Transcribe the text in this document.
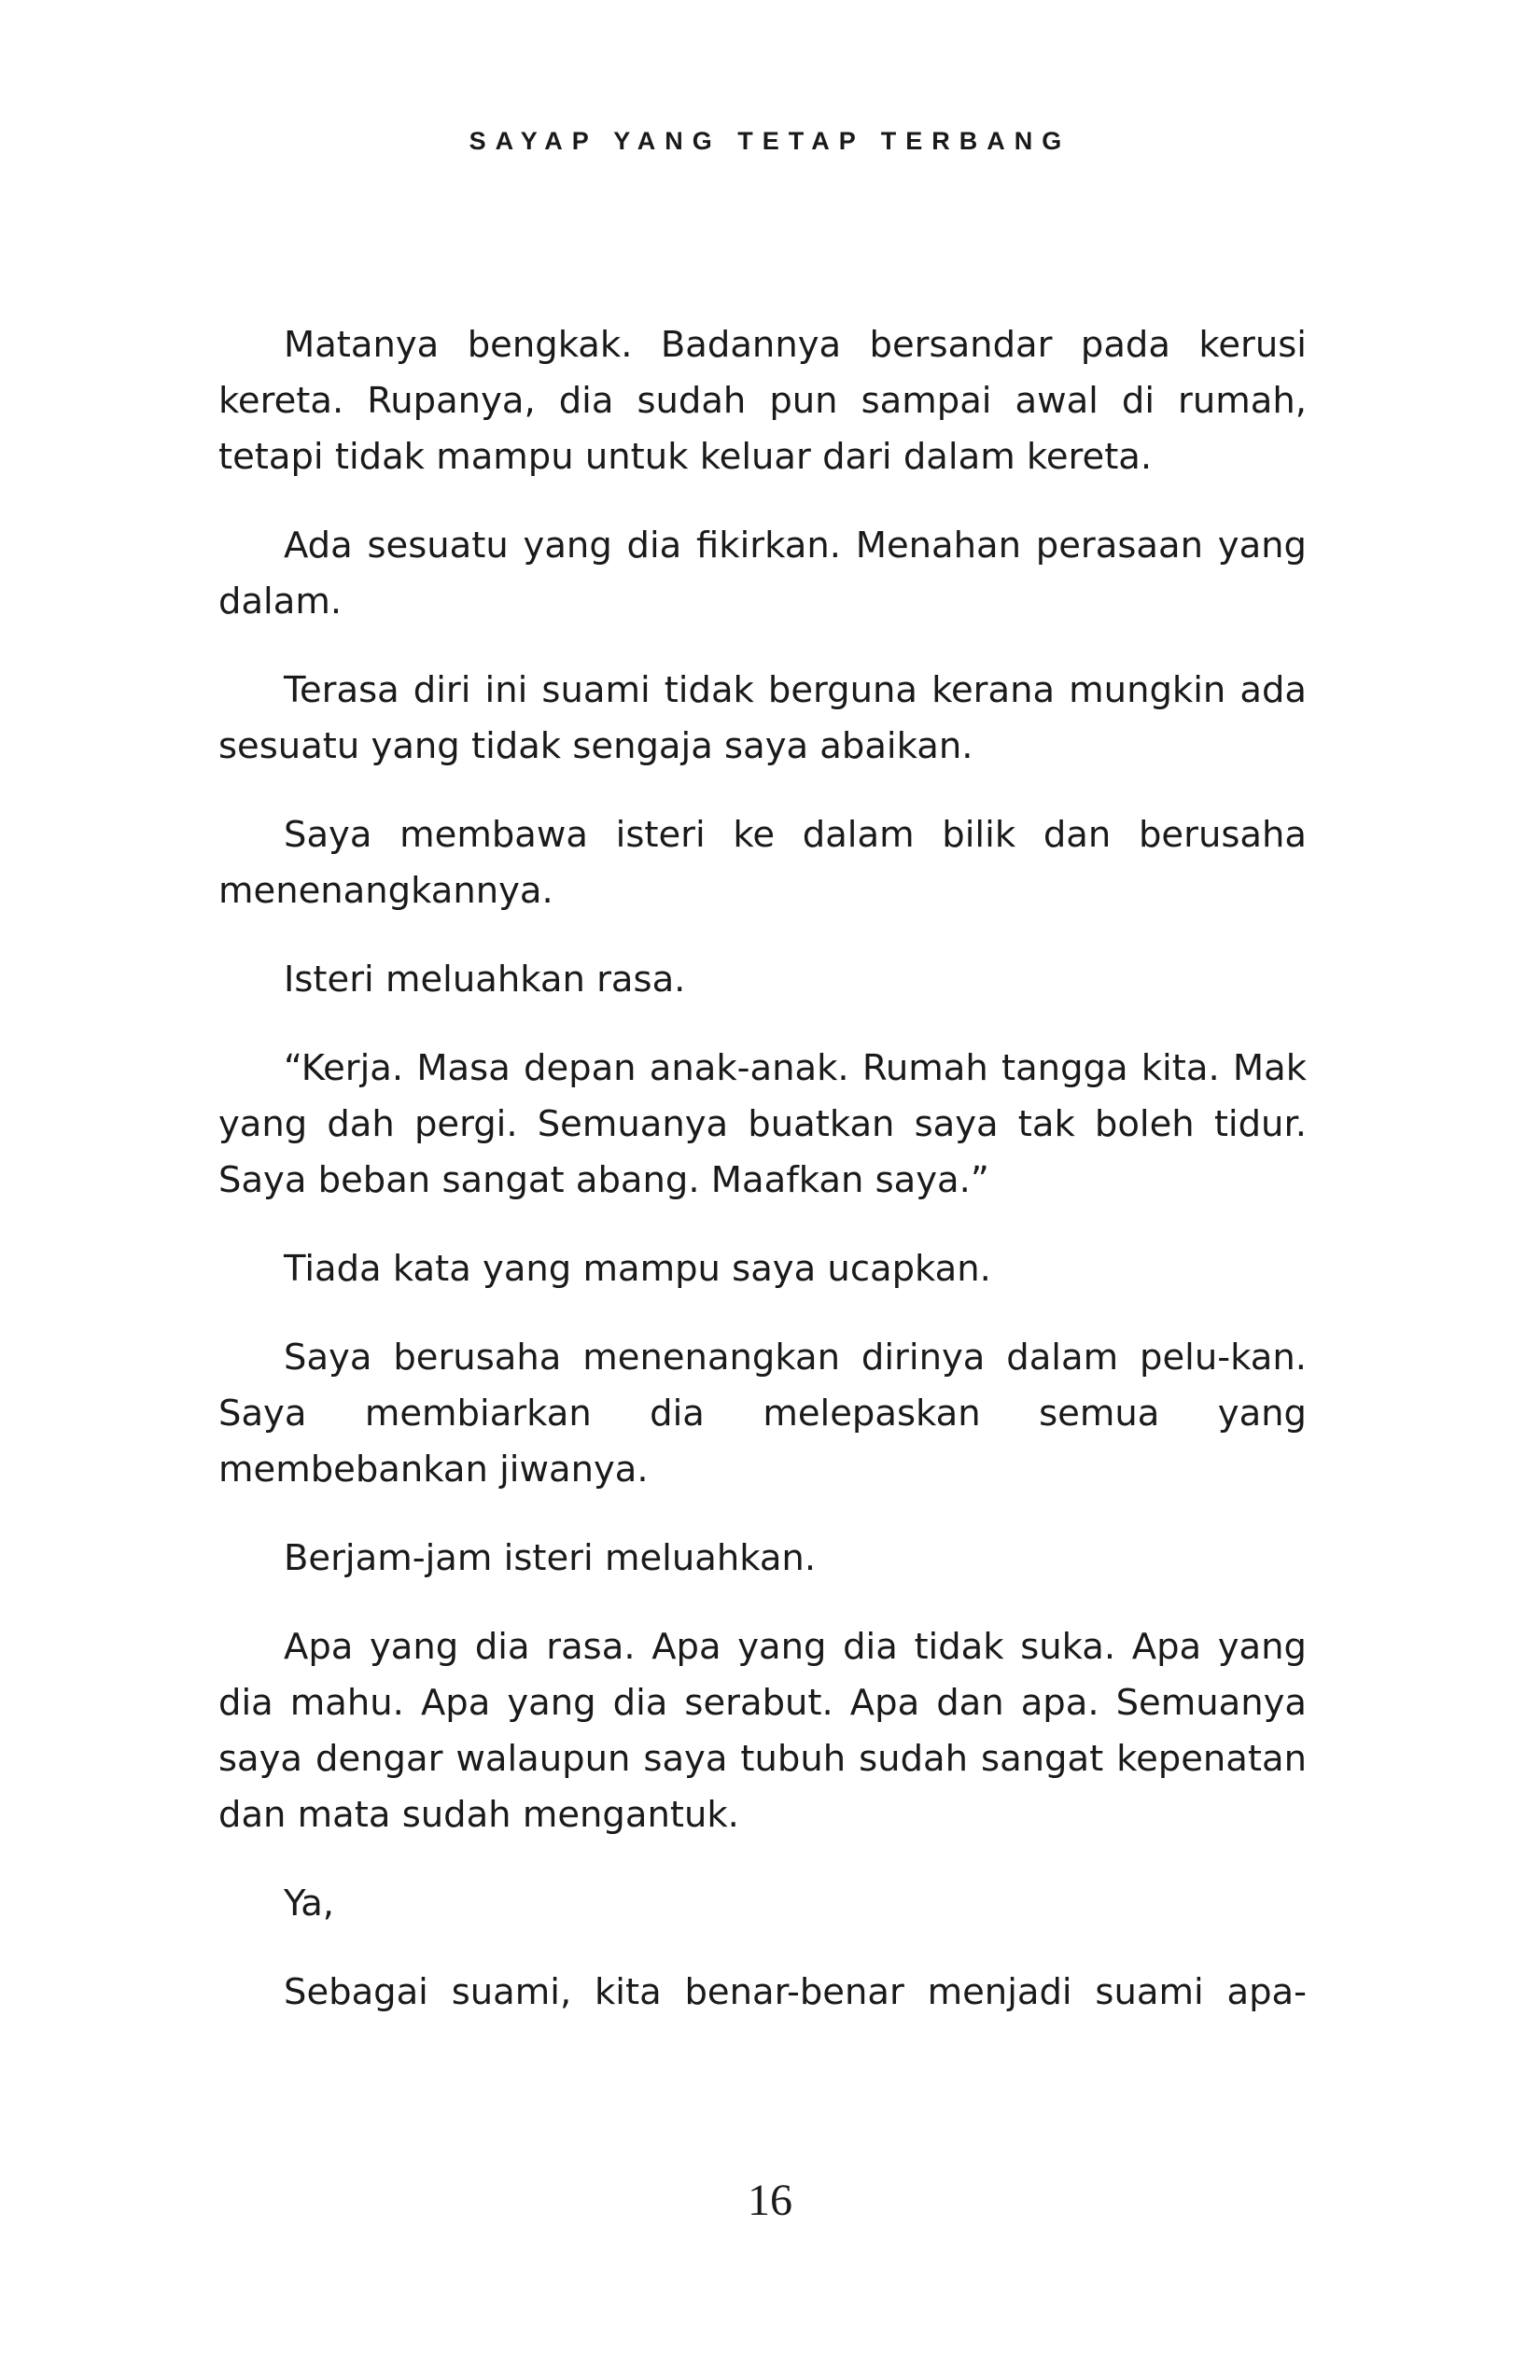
SAYAP YANG TETAP TERBANG

Matanya bengkak. Badannya bersandar pada kerusi kereta. Rupanya, dia sudah pun sampai awal di rumah, tetapi tidak mampu untuk keluar dari dalam kereta.

Ada sesuatu yang dia fikirkan. Menahan perasaan yang dalam.

Terasa diri ini suami tidak berguna kerana mungkin ada sesuatu yang tidak sengaja saya abaikan.

Saya membawa isteri ke dalam bilik dan berusaha menenangkannya.

Isteri meluahkan rasa.

“Kerja. Masa depan anak-anak. Rumah tangga kita. Mak yang dah pergi. Semuanya buatkan saya tak boleh tidur. Saya beban sangat abang. Maafkan saya.”

Tiada kata yang mampu saya ucapkan.

Saya berusaha menenangkan dirinya dalam pelu-kan. Saya membiarkan dia melepaskan semua yang membebankan jiwanya.

Berjam-jam isteri meluahkan.

Apa yang dia rasa. Apa yang dia tidak suka. Apa yang dia mahu. Apa yang dia serabut. Apa dan apa. Semuanya saya dengar walaupun saya tubuh sudah sangat kepenatan dan mata sudah mengantuk.

Ya,

Sebagai suami, kita benar-benar menjadi suami apa-

16
